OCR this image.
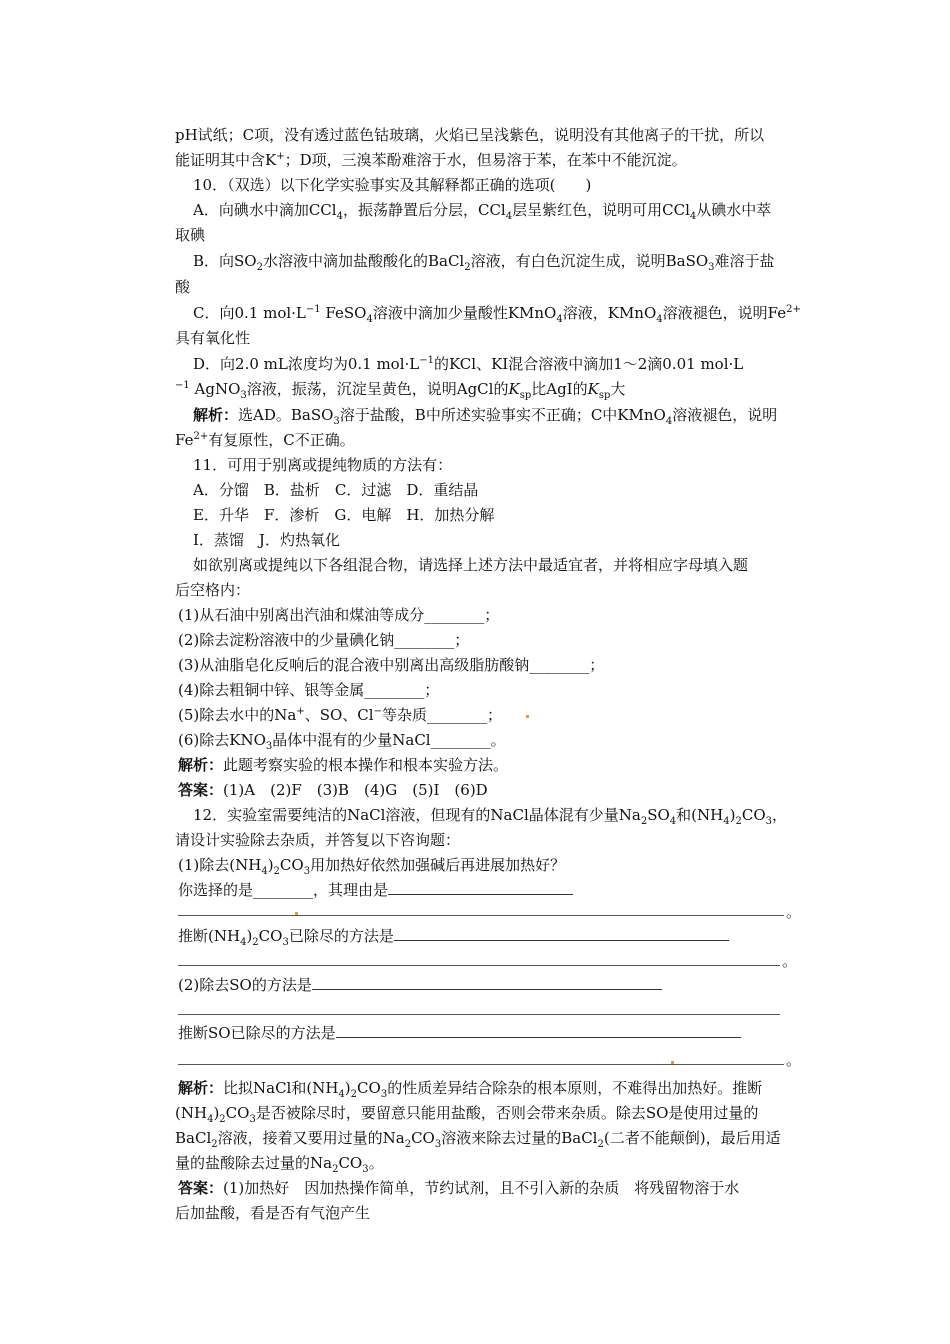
pH试纸；C项，没有透过蓝色钴玻璃，火焰已呈浅紫色，说明没有其他离子的干扰，所以
能证明其中含K+；D项，三溴苯酚难溶于水，但易溶于苯，在苯中不能沉淀。
10．（双选）以下化学实验事实及其解释都正确的选项(　　)
A．向碘水中滴加CCl$_4$，振荡静置后分层，CCl$_4$层呈紫红色，说明可用CCl$_4$从碘水中萃
取碘
B．向$SO_2$水溶液中滴加盐酸酸化的BaCl$_2$溶液，有白色沉淀生成，说明BaSO$_3$难溶于盐
酸
C．向0.1 $mol\cdot L^{-1}$ FeSO$_4$溶液中滴加少量酸性KMnO$_4$溶液，KMnO$_4$溶液褪色，说明$Fe^{2+}$
具有氧化性
D．向2.0 mL浓度均为0.1 $mol\cdot L^{-1}$的KCl、KI混合溶液中滴加1～2滴0.01 mol·L
$^{-1}$ AgNO$_3$溶液，振荡，沉淀呈黄色，说明AgCl的$K_{sp}$比AgI的$K_{sp}$大
解析：选AD。BaSO$_3$溶于盐酸，B中所述实验事实不正确；C中KMnO$_4$溶液褪色，说明
$Fe^{2+}$有复原性，C不正确。
11．可用于别离或提纯物质的方法有：
A．分馏　B．盐析　C．过滤　D．重结晶
E．升华　F．渗析　G．电解　H．加热分解
I．蒸馏　J．灼热氧化
如欲别离或提纯以下各组混合物，请选择上述方法中最适宜者，并将相应字母填入题
后空格内：
(1)从石油中别离出汽油和煤油等成分________；
(2)除去淀粉溶液中的少量碘化钠________；
(3)从油脂皂化反响后的混合液中别离出高级脂肪酸钠________；
(4)除去粗铜中锌、银等金属________；
(5)除去水中的Na+、SO、Cl−等杂质________；
(6)除去$KNO_3$晶体中混有的少量NaCl________。
解析：此题考察实验的根本操作和根本实验方法。
答案：(1)A　(2)F　(3)B　(4)G　(5)I　(6)D
12．实验室需要纯洁的NaCl溶液，但现有的NaCl晶体混有少量$Na_2SO_4$和$(NH_4)_2CO_3$，
请设计实验除去杂质，并答复以下咨询题：
(1)除去$(NH_4)_2CO_3$用加热好依然加强碱后再进展加热好？
你选择的是________，其理由是
。
推断$(NH_4)_2CO_3$已除尽的方法是
。
(2)除去SO的方法是
推断SO已除尽的方法是
。
解析：比拟NaCl和$(NH_4)_2CO_3$的性质差异结合除杂的根本原则，不难得出加热好。推断
$(NH_4)_2CO_3$是否被除尽时，要留意只能用盐酸，否则会带来杂质。除去SO是使用过量的
BaCl$_2$溶液，接着又要用过量的$Na_2CO_3$溶液来除去过量的BaCl$_2$(二者不能颠倒)，最后用适
量的盐酸除去过量的$Na_2CO_3$。
答案：(1)加热好　因加热操作简单，节约试剂，且不引入新的杂质　将残留物溶于水
后加盐酸，看是否有气泡产生
